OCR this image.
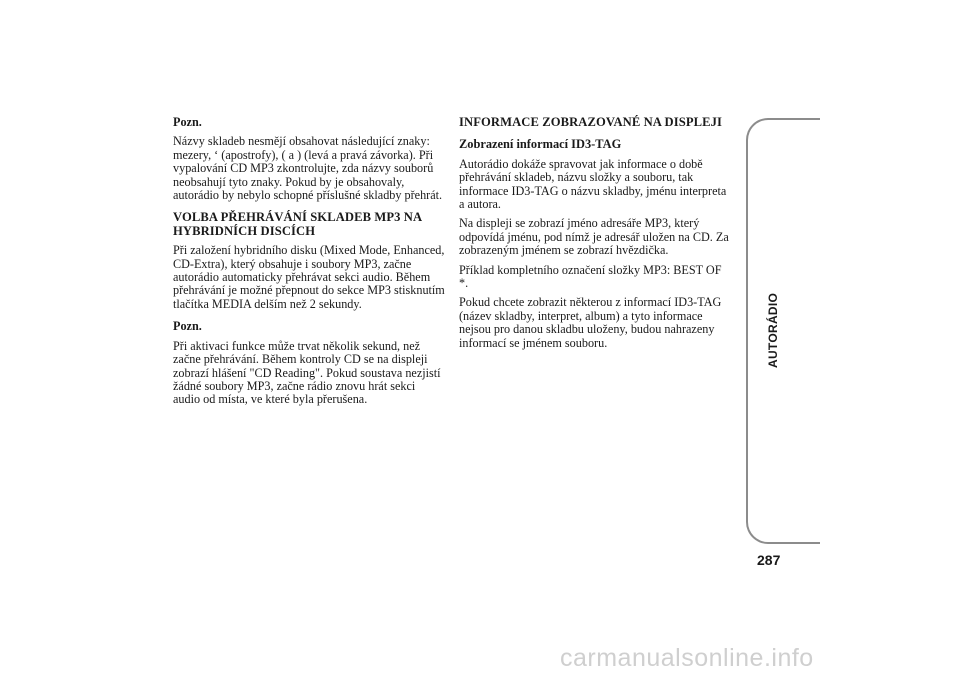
Pozn.

Názvy skladeb nesmějí obsahovat následující znaky: mezery, ‘ (apostrofy), ( a ) (levá a pravá závorka). Při vypalování CD MP3 zkontrolujte, zda názvy souborů neobsahují tyto znaky. Pokud by je obsahovaly, autorádio by nebylo schopné příslušné skladby přehrát.

VOLBA PŘEHRÁVÁNÍ SKLADEB MP3 NA HYBRIDNÍCH DISCÍCH

Při založení hybridního disku (Mixed Mode, Enhanced, CD-Extra), který obsahuje i soubory MP3, začne autorádio automaticky přehrávat sekci audio. Během přehrávání je možné přepnout do sekce MP3 stisknutím tlačítka MEDIA delším než 2 sekundy.

Pozn.

Při aktivaci funkce může trvat několik sekund, než začne přehrávání. Během kontroly CD se na displeji zobrazí hlášení "CD Reading". Pokud soustava nezjistí žádné soubory MP3, začne rádio znovu hrát sekci audio od místa, ve které byla přerušena.

INFORMACE ZOBRAZOVANÉ NA DISPLEJI
Zobrazení informací ID3-TAG

Autorádio dokáže spravovat jak informace o době přehrávání skladeb, názvu složky a souboru, tak informace ID3-TAG o názvu skladby, jménu interpreta a autora.

Na displeji se zobrazí jméno adresáře MP3, který odpovídá jménu, pod nímž je adresář uložen na CD. Za zobrazeným jménem se zobrazí hvězdička.

Příklad kompletního označení složky MP3: BEST OF *.

Pokud chcete zobrazit některou z informací ID3-TAG (název skladby, interpret, album) a tyto informace nejsou pro danou skladbu uloženy, budou nahrazeny informací se jménem souboru.	AUTORÁDIO
287
carmanualsonline.info
